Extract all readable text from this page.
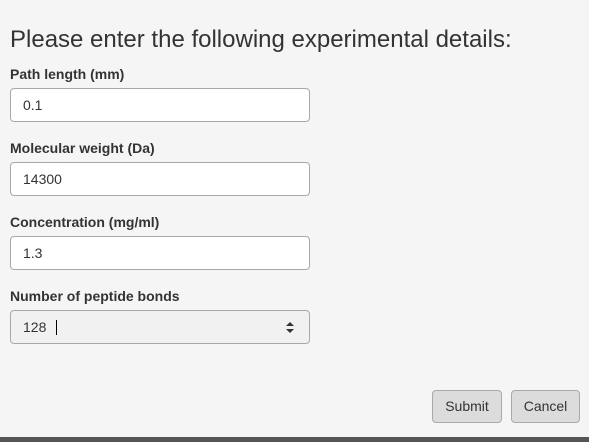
Please enter the following experimental details:
Path length (mm)
0.1
Molecular weight (Da)
14300
Concentration (mg/ml)
1.3
Number of peptide bonds
128
Submit	Cancel
